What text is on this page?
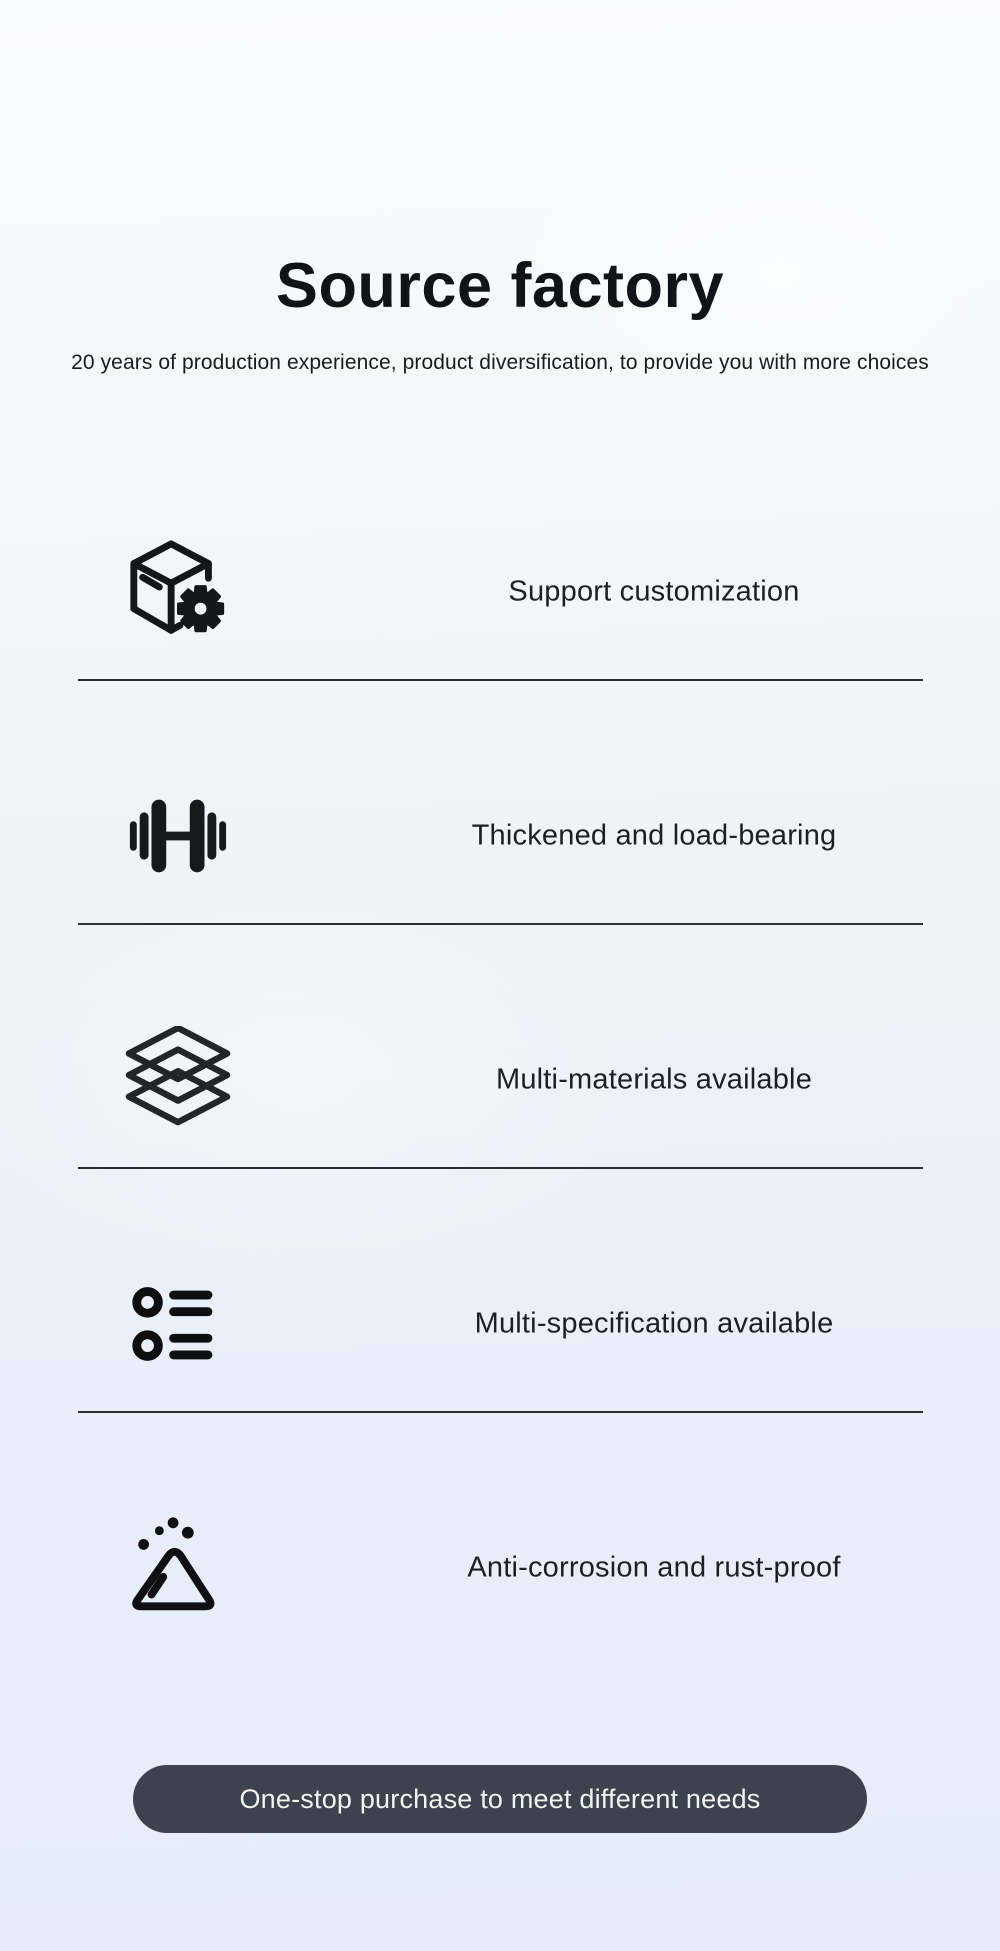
Source factory
20 years of production experience, product diversification, to provide you with more choices
Support customization
Thickened and load-bearing
Multi-materials available
Multi-specification available
Anti-corrosion and rust-proof
One-stop purchase to meet different needs
